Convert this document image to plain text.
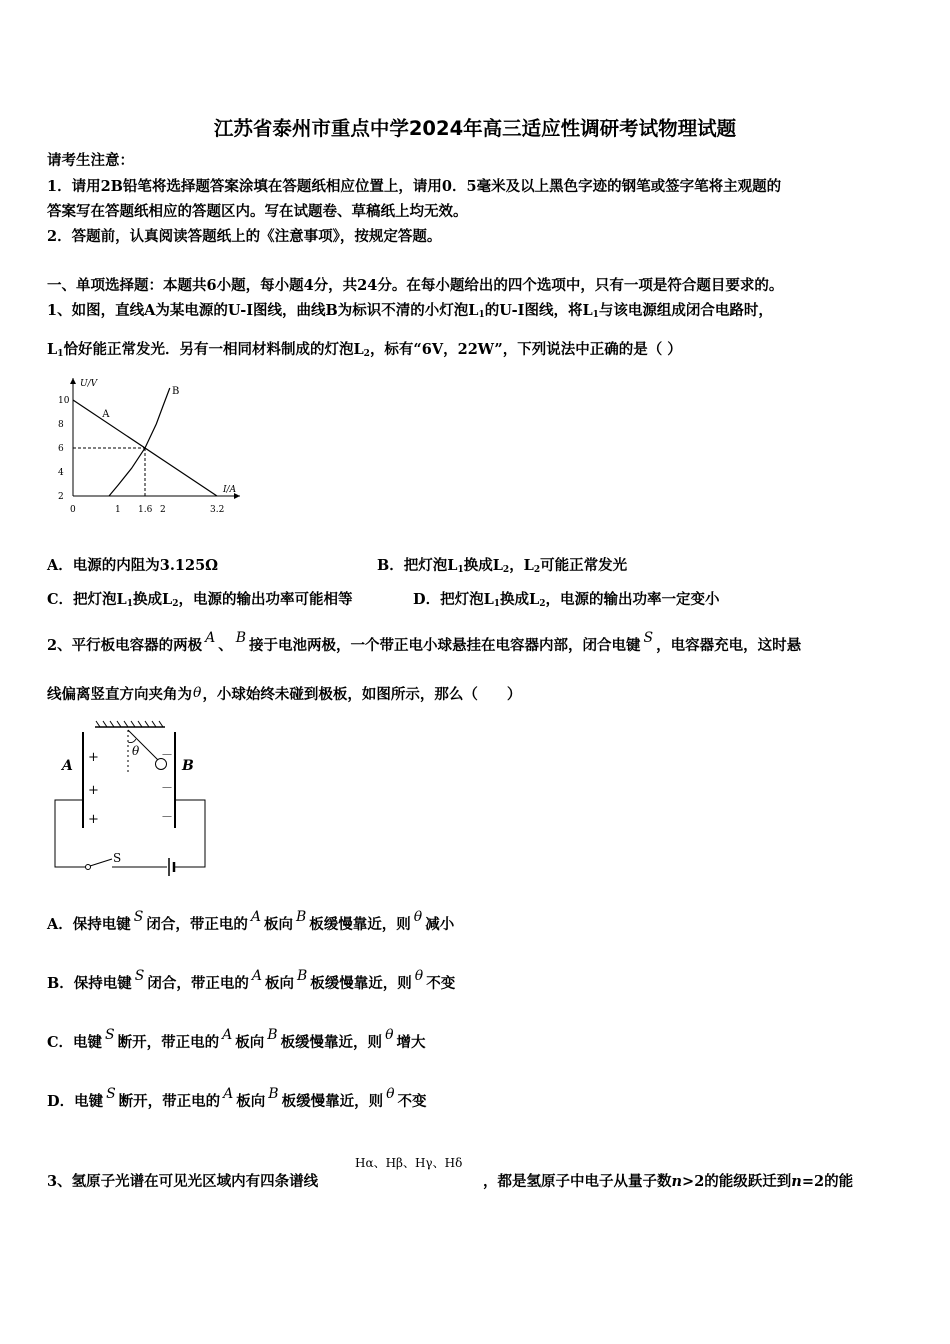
江苏省泰州市重点中学2024年高三适应性调研考试物理试题
请考生注意：
1．请用2B铅笔将选择题答案涂填在答题纸相应位置上，请用0．5毫米及以上黑色字迹的钢笔或签字笔将主观题的
答案写在答题纸相应的答题区内。写在试题卷、草稿纸上均无效。
2．答题前，认真阅读答题纸上的《注意事项》，按规定答题。
一、单项选择题：本题共6小题，每小题4分，共24分。在每小题给出的四个选项中，只有一项是符合题目要求的。
1、如图，直线A为某电源的U-I图线，曲线B为标识不清的小灯泡$L_1$的U-I图线，将$L_1$与该电源组成闭合电路时，
$L_1$恰好能正常发光．另有一相同材料制成的灯泡$L_2$，标有“6V，22W”，下列说法中正确的是（ ）
U/V
I/A
2
4
6
8
10
0	1 1.6 2	3.2
A
B
A．电源的内阻为3.125Ω	B．把灯泡$L_1$换成$L_2$，$L_2$可能正常发光
C．把灯泡$L_1$换成$L_2$，电源的输出功率可能相等	D．把灯泡$L_1$换成$L_2$，电源的输出功率一定变小
2、平行板电容器的两极 A 、 B 接于电池两极，一个带正电小球悬挂在电容器内部，闭合电键 S ，电容器充电，这时悬
线偏离竖直方向夹角为θ，小球始终未碰到极板，如图所示，那么（　　）
θ
A	B
+
+
+
－
－
－
S
A．保持电键 S 闭合，带正电的 A 板向 B 板缓慢靠近，则 θ 减小
B．保持电键 S 闭合，带正电的 A 板向 B 板缓慢靠近，则 θ 不变
C．电键 S 断开，带正电的 A 板向 B 板缓慢靠近，则 θ 增大
D．电键 S 断开，带正电的 A 板向 B 板缓慢靠近，则 θ 不变
Hα、Hβ、Hγ、Hδ
3、氢原子光谱在可见光区域内有四条谱线	，都是氢原子中电子从量子数n>2的能级跃迁到n=2的能
